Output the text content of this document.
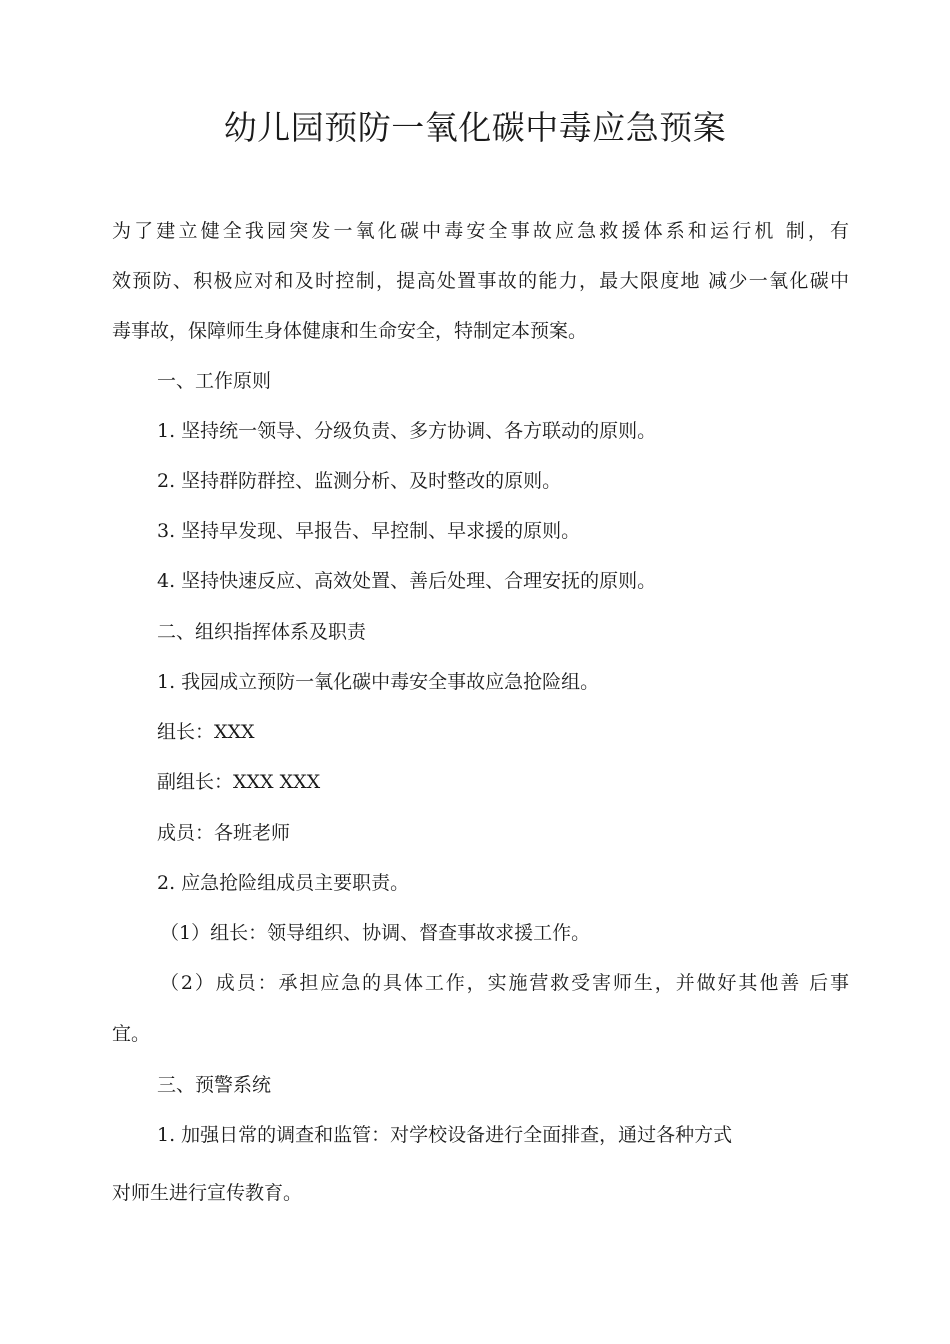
幼儿园预防一氧化碳中毒应急预案

为了建立健全我园突发一氧化碳中毒安全事故应急救援体系和运行机 制，有

效预防、积极应对和及时控制，提高处置事故的能力，最大限度地 减少一氧化碳中

毒事故，保障师生身体健康和生命安全，特制定本预案。

一、工作原则

1. 坚持统一领导、分级负责、多方协调、各方联动的原则。

2. 坚持群防群控、监测分析、及时整改的原则。

3. 坚持早发现、早报告、早控制、早求援的原则。

4. 坚持快速反应、高效处置、善后处理、合理安抚的原则。

二、组织指挥体系及职责

1. 我园成立预防一氧化碳中毒安全事故应急抢险组。

组长：XXX

副组长：XXX XXX

成员：各班老师

2. 应急抢险组成员主要职责。

（1）组长：领导组织、协调、督查事故求援工作。

（2）成员：承担应急的具体工作，实施营救受害师生，并做好其他善 后事

宜。

三、预警系统

1. 加强日常的调查和监管：对学校设备进行全面排查，通过各种方式

对师生进行宣传教育。
